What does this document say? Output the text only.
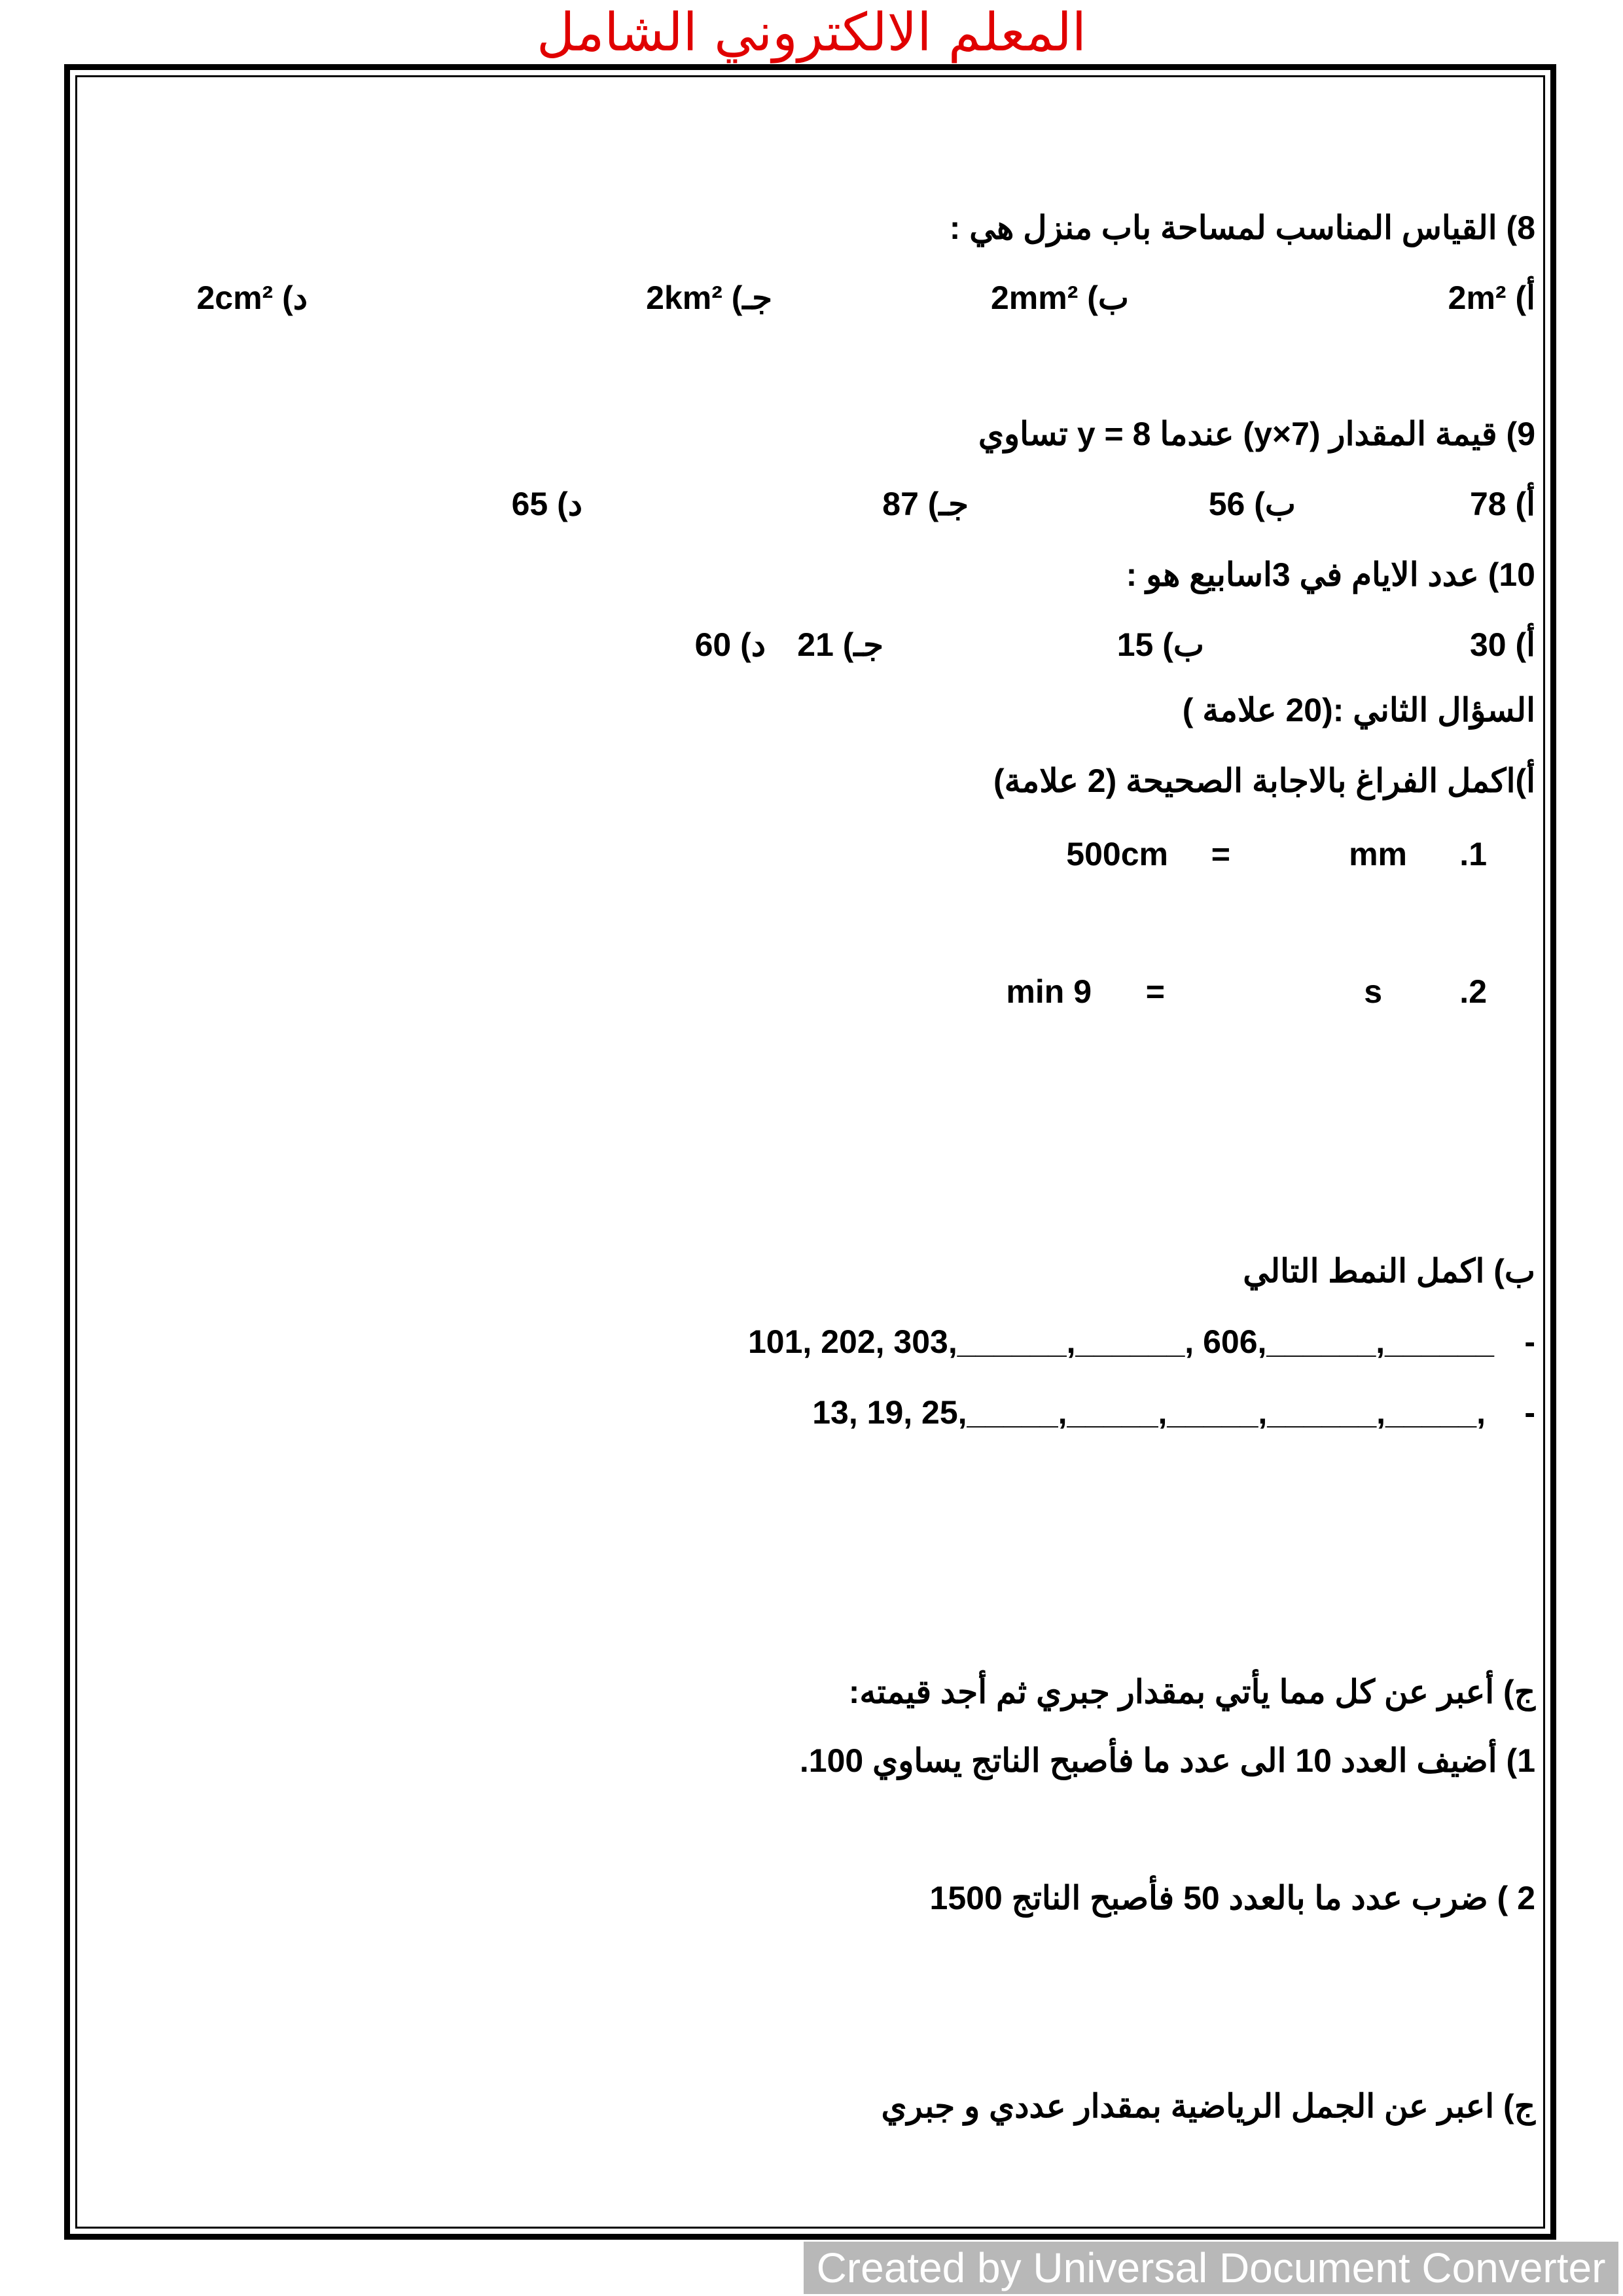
المعلم الالكتروني الشامل
8) القياس المناسب لمساحة باب منزل هي :
أ) 2m²
ب) 2mm²
جـ) 2km²
د) 2cm²
9) قيمة المقدار (y×7) عندما y = 8 تساوي
أ) 78
ب) 56
جـ) 87
د) 65
10) عدد الايام في 3اسابيع هو :
أ) 30
ب) 15
جـ) 21
د) 60
السؤال الثاني :(20 علامة )
أ)اكمل الفراغ بالاجابة الصحيحة (2 علامة)
1.
mm
=
500cm
2.
s
=
9 min
ب) اكمل النمط التالي
-
101, 202, 303,______,______, 606,______,______
-
13, 19, 25,_____,_____,_____,______,_____,
ج) أعبر عن كل مما يأتي بمقدار جبري ثم أجد قيمته:
1) أضيف العدد 10 الى عدد ما فأصبح الناتج يساوي 100.
2 ) ضرب عدد ما بالعدد 50 فأصبح الناتج 1500
ج) اعبر عن الجمل الرياضية بمقدار عددي و جبري
Created by Universal Document Converter
